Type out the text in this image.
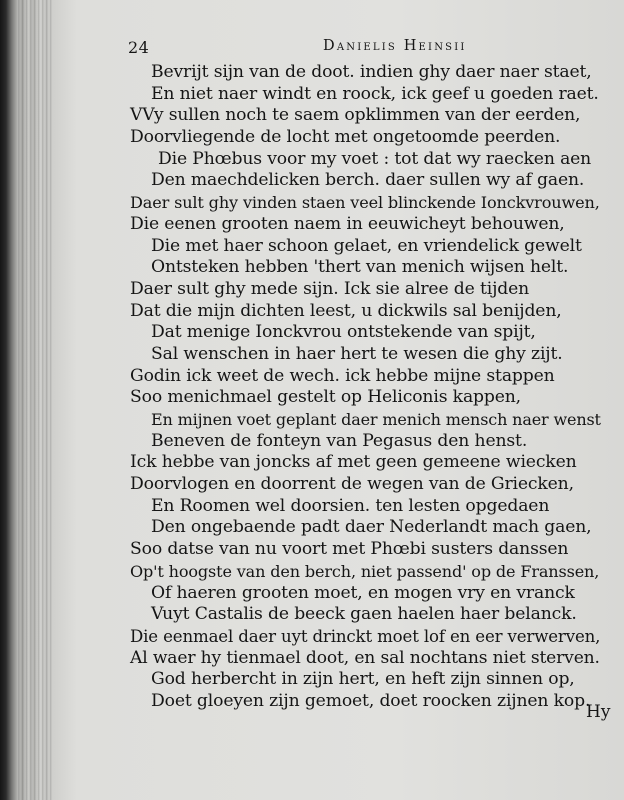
24	Danielis Heinsii
Bevrijt sijn van de doot. indien ghy daer naer staet,
En niet naer windt en roock, ick geef u goeden raet.
VVy sullen noch te saem opklimmen van der eerden,
Doorvliegende de locht met ongetoomde peerden.
Die Phœbus voor my voet : tot dat wy raecken aen
Den maechdelicken berch. daer sullen wy af gaen.
Daer sult ghy vinden staen veel blinckende Ionckvrouwen,
Die eenen grooten naem in eeuwicheyt behouwen,
Die met haer schoon gelaet, en vriendelick gewelt
Ontsteken hebben 'thert van menich wijsen helt.
Daer sult ghy mede sijn. Ick sie alree de tijden
Dat die mijn dichten leest, u dickwils sal benijden,
Dat menige Ionckvrou ontstekende van spijt,
Sal wenschen in haer hert te wesen die ghy zijt.
Godin ick weet de wech. ick hebbe mijne stappen
Soo menichmael gestelt op Heliconis kappen,
En mijnen voet geplant daer menich mensch naer wenst
Beneven de fonteyn van Pegasus den henst.
Ick hebbe van joncks af met geen gemeene wiecken
Doorvlogen en doorrent de wegen van de Griecken,
En Roomen wel doorsien. ten lesten opgedaen
Den ongebaende padt daer Nederlandt mach gaen,
Soo datse van nu voort met Phœbi susters danssen
Op't hoogste van den berch, niet passend' op de Franssen,
Of haeren grooten moet, en mogen vry en vranck
Vuyt Castalis de beeck gaen haelen haer belanck.
Die eenmael daer uyt drinckt moet lof en eer verwerven,
Al waer hy tienmael doot, en sal nochtans niet sterven.
God herbercht in zijn hert, en heft zijn sinnen op,
Doet gloeyen zijn gemoet, doet roocken zijnen kop.
Hy
